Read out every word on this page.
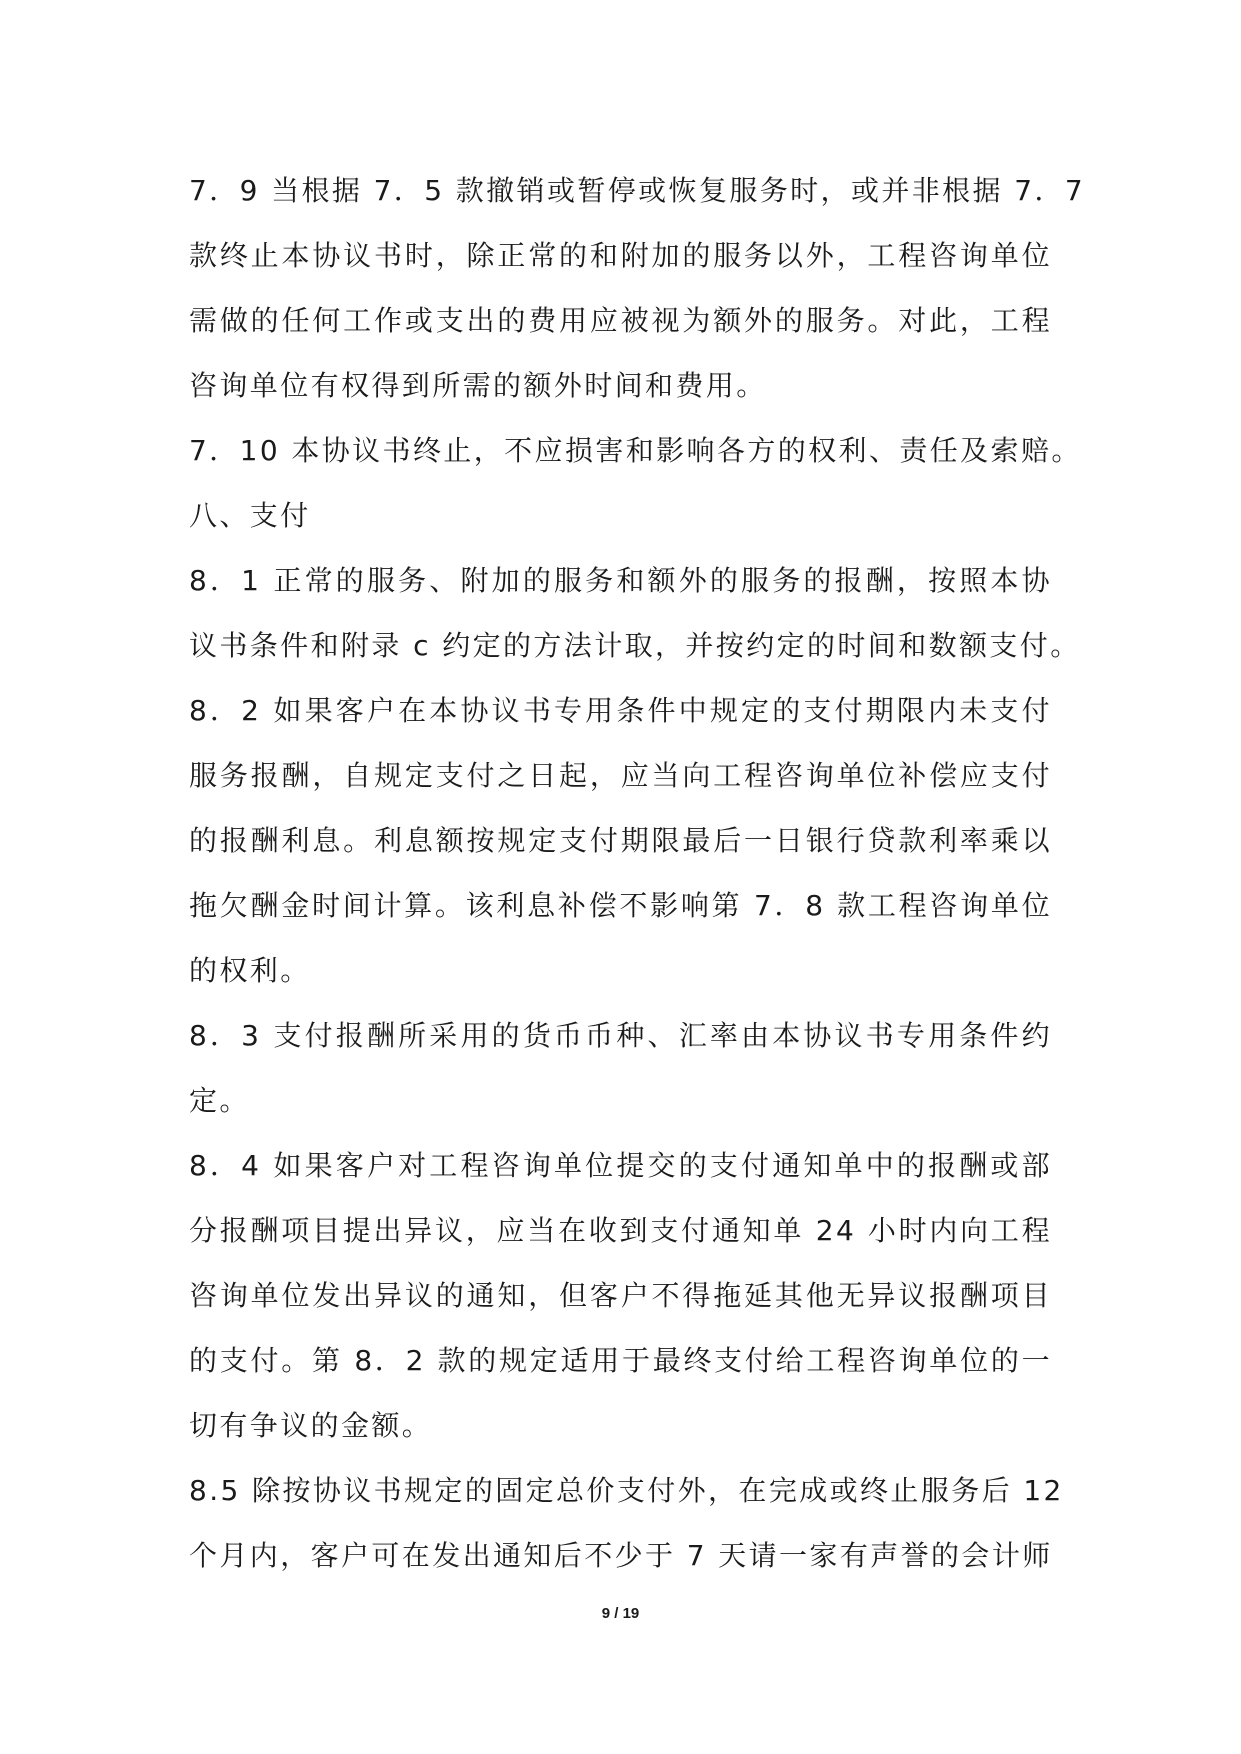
7．9 当根据 7．5 款撤销或暂停或恢复服务时，或并非根据 7．7
款终止本协议书时，除正常的和附加的服务以外，工程咨询单位
需做的任何工作或支出的费用应被视为额外的服务。对此，工程
咨询单位有权得到所需的额外时间和费用。
7．10 本协议书终止，不应损害和影响各方的权利、责任及索赔。
八、支付
8．1 正常的服务、附加的服务和额外的服务的报酬，按照本协
议书条件和附录 c 约定的方法计取，并按约定的时间和数额支付。
8．2 如果客户在本协议书专用条件中规定的支付期限内未支付
服务报酬，自规定支付之日起，应当向工程咨询单位补偿应支付
的报酬利息。利息额按规定支付期限最后一日银行贷款利率乘以
拖欠酬金时间计算。该利息补偿不影响第 7．8 款工程咨询单位
的权利。
8．3 支付报酬所采用的货币币种、汇率由本协议书专用条件约
定。
8．4 如果客户对工程咨询单位提交的支付通知单中的报酬或部
分报酬项目提出异议，应当在收到支付通知单 24 小时内向工程
咨询单位发出异议的通知，但客户不得拖延其他无异议报酬项目
的支付。第 8．2 款的规定适用于最终支付给工程咨询单位的一
切有争议的金额。
8.5 除按协议书规定的固定总价支付外，在完成或终止服务后 12
个月内，客户可在发出通知后不少于 7 天请一家有声誉的会计师
9 / 19
